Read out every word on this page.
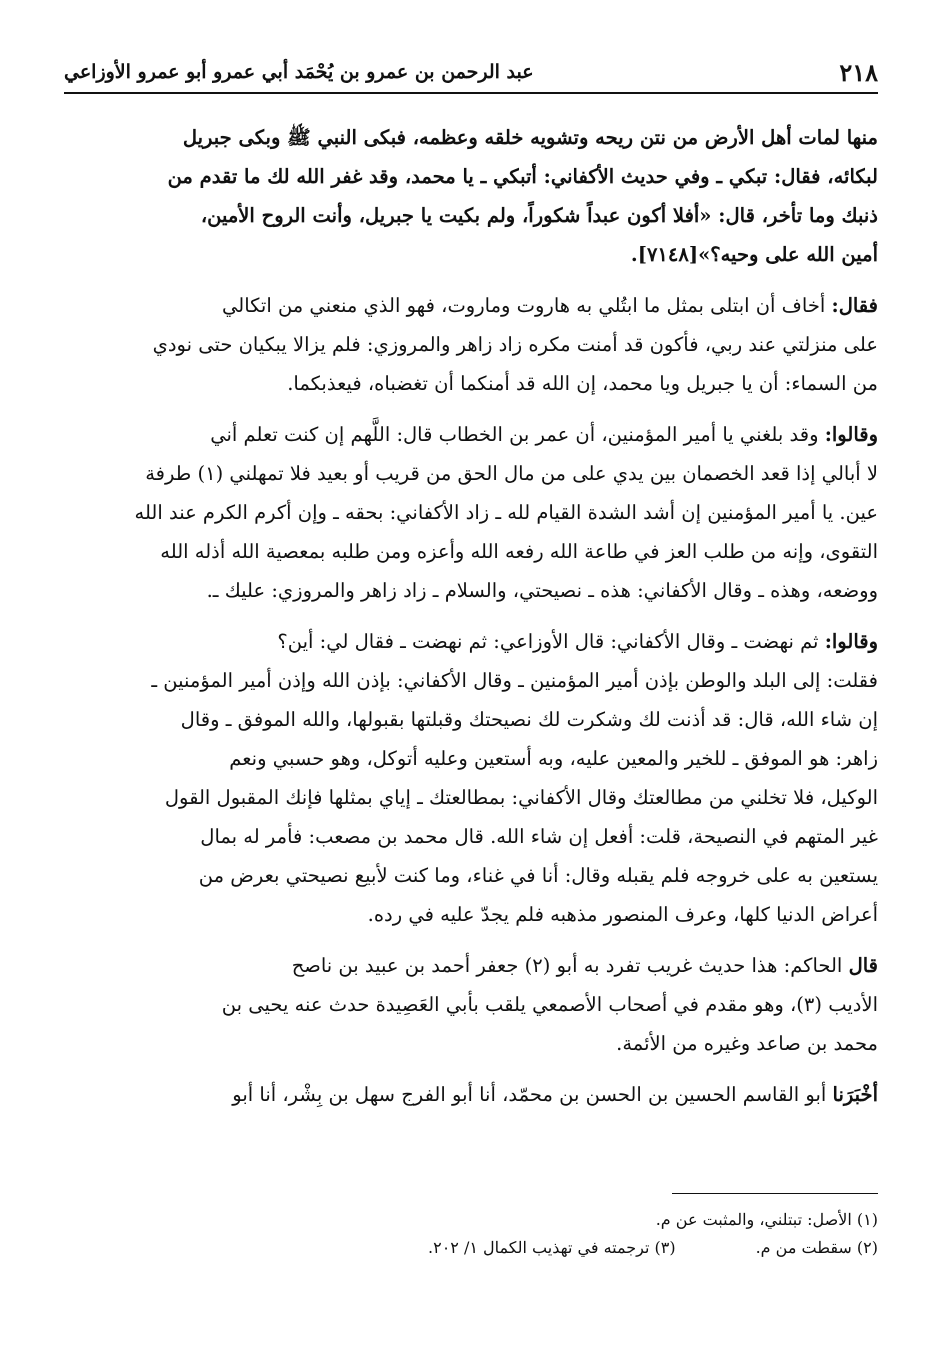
٢١٨
عبد الرحمن بن عمرو بن يُحْمَد أبي عمرو أبو عمرو الأوزاعي
منها لمات أهل الأرض من نتن ريحه وتشويه خلقه وعظمه، فبكى النبي ﷺ وبكى جبريل
لبكائه، فقال: تبكي ـ وفي حديث الأكفاني: أتبكي ـ يا محمد، وقد غفر الله لك ما تقدم من
ذنبك وما تأخر، قال: «أفلا أكون عبداً شكوراً، ولم بكيت يا جبريل، وأنت الروح الأمين،
أمين الله على وحيه؟»[٧١٤٨].
فقال: أخاف أن ابتلى بمثل ما ابتُلي به هاروت وماروت، فهو الذي منعني من اتكالي
على منزلتي عند ربي، فأكون قد أمنت مكره زاد زاهر والمروزي: فلم يزالا يبكيان حتى نودي
من السماء: أن يا جبريل ويا محمد، إن الله قد أمنكما أن تغضباه، فيعذبكما.
وقالوا: وقد بلغني يا أمير المؤمنين، أن عمر بن الخطاب قال: اللَّهم إن كنت تعلم أني
لا أبالي إذا قعد الخصمان بين يدي على من مال الحق من قريب أو بعيد فلا تمهلني (١) طرفة
عين. يا أمير المؤمنين إن أشد الشدة القيام لله ـ زاد الأكفاني: بحقه ـ وإن أكرم الكرم عند الله
التقوى، وإنه من طلب العز في طاعة الله رفعه الله وأعزه ومن طلبه بمعصية الله أذله الله
ووضعه، وهذه ـ وقال الأكفاني: هذه ـ نصيحتي، والسلام ـ زاد زاهر والمروزي: عليك ـ.
وقالوا: ثم نهضت ـ وقال الأكفاني: قال الأوزاعي: ثم نهضت ـ فقال لي: أين؟
فقلت: إلى البلد والوطن بإذن أمير المؤمنين ـ وقال الأكفاني: بإذن الله وإذن أمير المؤمنين ـ
إن شاء الله، قال: قد أذنت لك وشكرت لك نصيحتك وقبلتها بقبولها، والله الموفق ـ وقال
زاهر: هو الموفق ـ للخير والمعين عليه، وبه أستعين وعليه أتوكل، وهو حسبي ونعم
الوكيل، فلا تخلني من مطالعتك وقال الأكفاني: بمطالعتك ـ إياي بمثلها فإنك المقبول القول
غير المتهم في النصيحة، قلت: أفعل إن شاء الله. قال محمد بن مصعب: فأمر له بمال
يستعين به على خروجه فلم يقبله وقال: أنا في غناء، وما كنت لأبيع نصيحتي بعرض من
أعراض الدنيا كلها، وعرف المنصور مذهبه فلم يجدّ عليه في رده.
قال الحاكم: هذا حديث غريب تفرد به أبو (٢) جعفر أحمد بن عبيد بن ناصح
الأديب (٣)، وهو مقدم في أصحاب الأصمعي يلقب بأبي العَصِيدة حدث عنه يحيى بن
محمد بن صاعد وغيره من الأئمة.
أخْبَرَنا أبو القاسم الحسين بن الحسن بن محمّد، أنا أبو الفرج سهل بن بِشْر، أنا أبو
(١) الأصل: تبتلني، والمثبت عن م.
(٢) سقطت من م.
(٣) ترجمته في تهذيب الكمال ١/ ٢٠٢.
